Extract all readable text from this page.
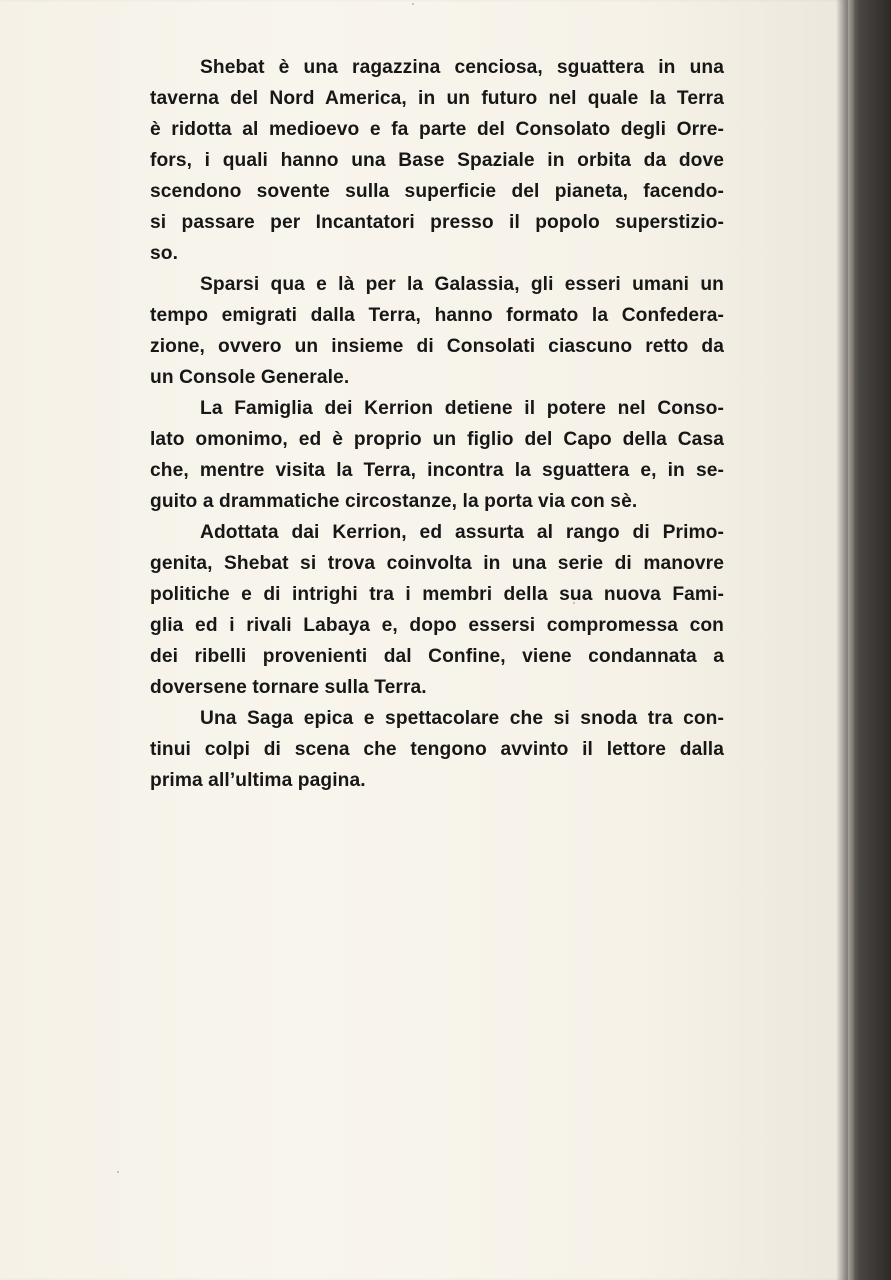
Shebat è una ragazzina cenciosa, sguattera in una
taverna del Nord America, in un futuro nel quale la Terra
è ridotta al medioevo e fa parte del Consolato degli Orre-
fors, i quali hanno una Base Spaziale in orbita da dove
scendono sovente sulla superficie del pianeta, facendo-
si passare per Incantatori presso il popolo superstizio-
so.

Sparsi qua e là per la Galassia, gli esseri umani un
tempo emigrati dalla Terra, hanno formato la Confedera-
zione, ovvero un insieme di Consolati ciascuno retto da
un Console Generale.

La Famiglia dei Kerrion detiene il potere nel Conso-
lato omonimo, ed è proprio un figlio del Capo della Casa
che, mentre visita la Terra, incontra la sguattera e, in se-
guito a drammatiche circostanze, la porta via con sè.

Adottata dai Kerrion, ed assurta al rango di Primo-
genita, Shebat si trova coinvolta in una serie di manovre
politiche e di intrighi tra i membri della sua nuova Fami-
glia ed i rivali Labaya e, dopo essersi compromessa con
dei ribelli provenienti dal Confine, viene condannata a
doversene tornare sulla Terra.

Una Saga epica e spettacolare che si snoda tra con-
tinui colpi di scena che tengono avvinto il lettore dalla
prima all’ultima pagina.
